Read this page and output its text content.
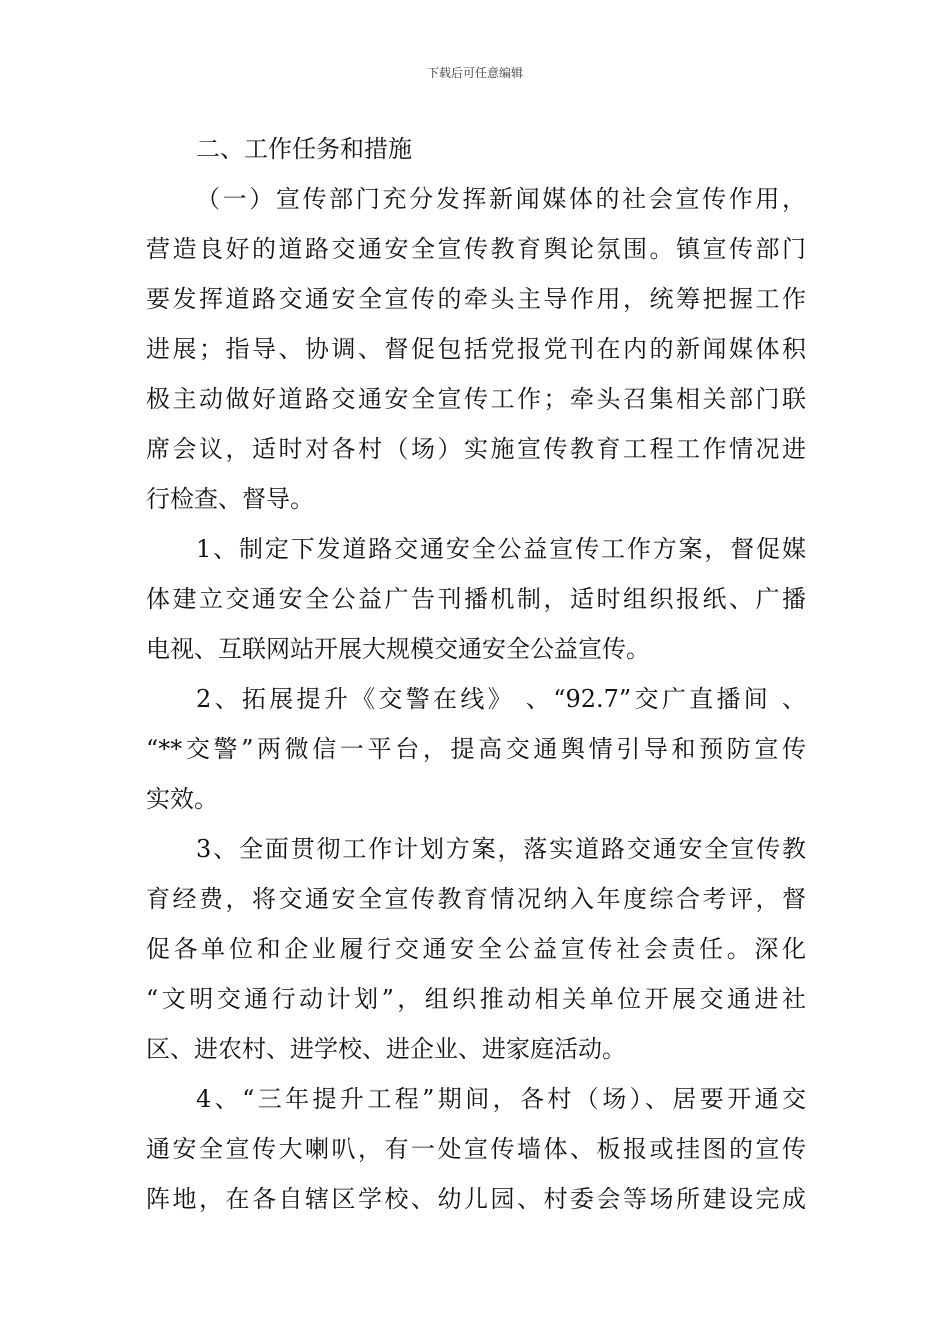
下载后可任意编辑
二、工作任务和措施
（一）宣传部门充分发挥新闻媒体的社会宣传作用，
营造良好的道路交通安全宣传教育舆论氛围。镇宣传部门
要发挥道路交通安全宣传的牵头主导作用，统筹把握工作
进展；指导、协调、督促包括党报党刊在内的新闻媒体积
极主动做好道路交通安全宣传工作；牵头召集相关部门联
席会议，适时对各村（场）实施宣传教育工程工作情况进
行检查、督导。
1、制定下发道路交通安全公益宣传工作方案，督促媒
体建立交通安全公益广告刊播机制，适时组织报纸、广播
电视、互联网站开展大规模交通安全公益宣传。
2、拓展提升《交警在线》 、“92.7”交广直播间 、
“**交警”两微信一平台，提高交通舆情引导和预防宣传
实效。
3、全面贯彻工作计划方案，落实道路交通安全宣传教
育经费，将交通安全宣传教育情况纳入年度综合考评，督
促各单位和企业履行交通安全公益宣传社会责任。深化
“文明交通行动计划”，组织推动相关单位开展交通进社
区、进农村、进学校、进企业、进家庭活动。
4、“三年提升工程”期间，各村（场）、居要开通交
通安全宣传大喇叭，有一处宣传墙体、板报或挂图的宣传
阵地，在各自辖区学校、幼儿园、村委会等场所建设完成
